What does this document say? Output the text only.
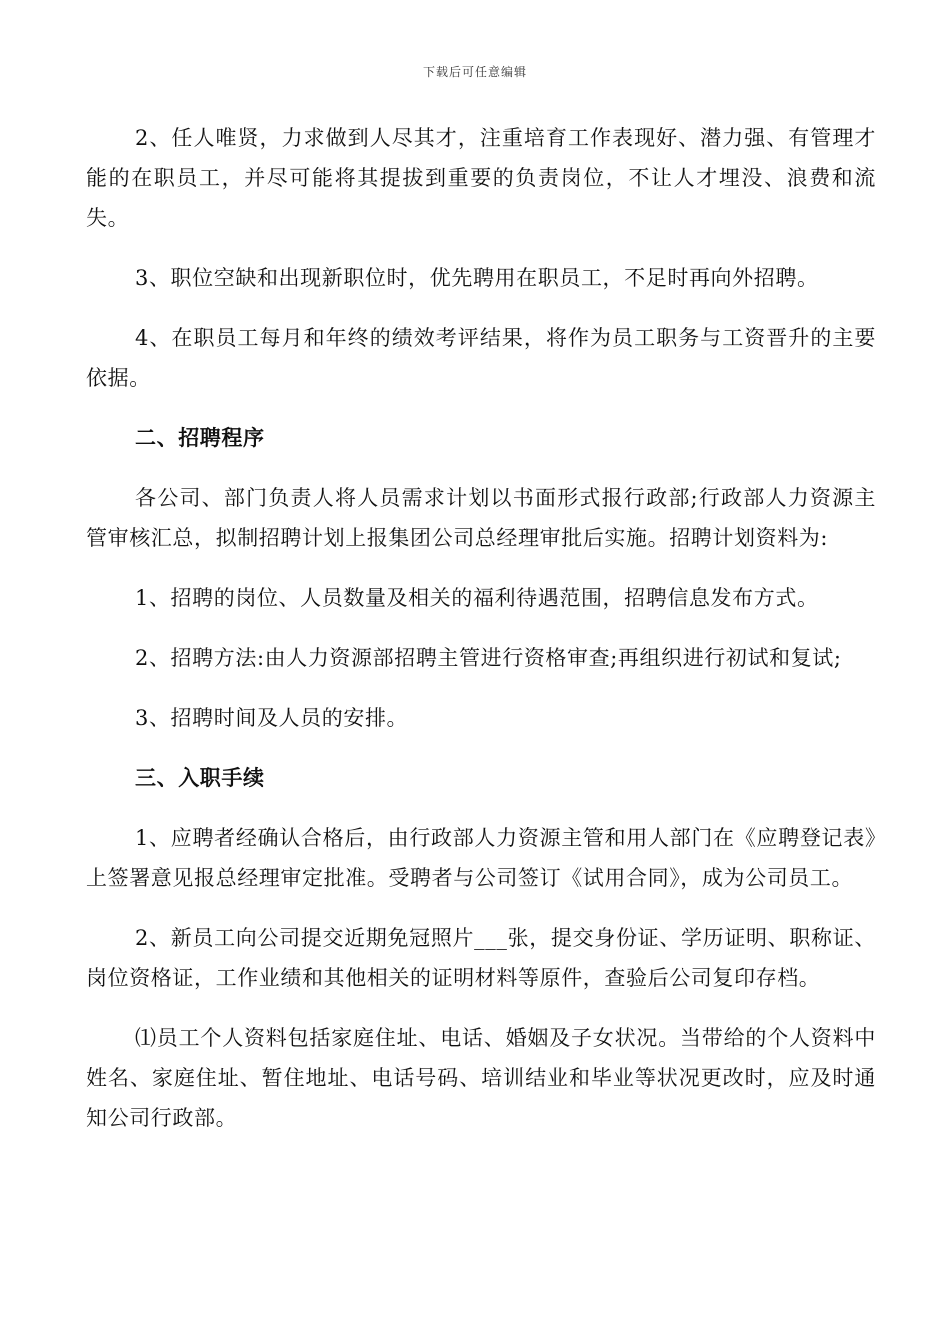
下载后可任意编辑

2、任人唯贤，力求做到人尽其才，注重培育工作表现好、潜力强、有管理才能的在职员工，并尽可能将其提拔到重要的负责岗位，不让人才埋没、浪费和流失。

3、职位空缺和出现新职位时，优先聘用在职员工，不足时再向外招聘。

4、在职员工每月和年终的绩效考评结果，将作为员工职务与工资晋升的主要依据。

二、招聘程序

各公司、部门负责人将人员需求计划以书面形式报行政部;行政部人力资源主管审核汇总，拟制招聘计划上报集团公司总经理审批后实施。招聘计划资料为:

1、招聘的岗位、人员数量及相关的福利待遇范围，招聘信息发布方式。

2、招聘方法:由人力资源部招聘主管进行资格审查;再组织进行初试和复试;

3、招聘时间及人员的安排。

三、入职手续

1、应聘者经确认合格后，由行政部人力资源主管和用人部门在《应聘登记表》上签署意见报总经理审定批准。受聘者与公司签订《试用合同》，成为公司员工。

2、新员工向公司提交近期免冠照片___张，提交身份证、学历证明、职称证、岗位资格证，工作业绩和其他相关的证明材料等原件，查验后公司复印存档。

⑴员工个人资料包括家庭住址、电话、婚姻及子女状况。当带给的个人资料中姓名、家庭住址、暂住地址、电话号码、培训结业和毕业等状况更改时，应及时通知公司行政部。
